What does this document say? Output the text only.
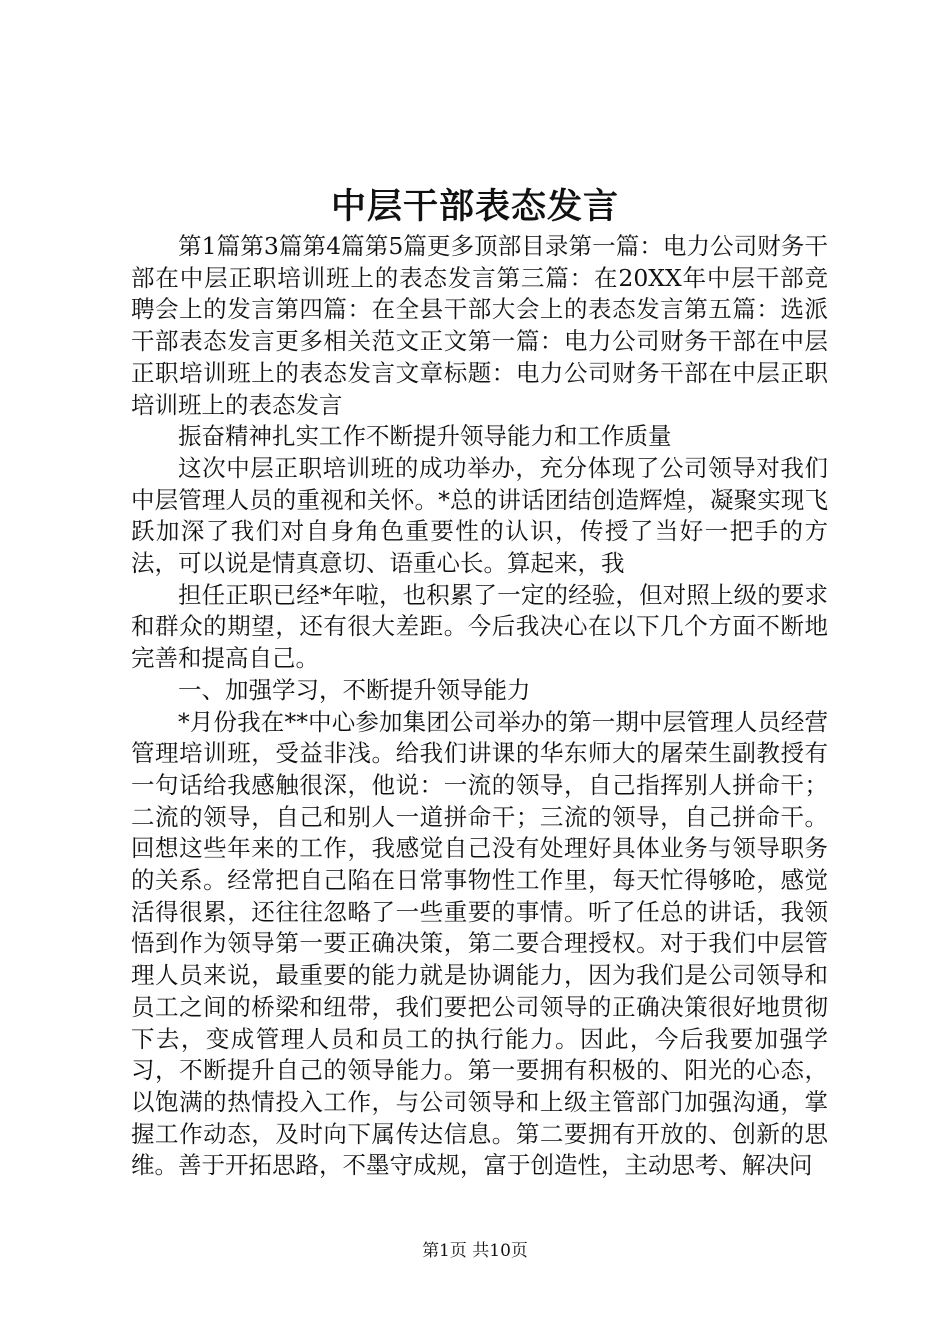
中层干部表态发言

第1篇第3篇第4篇第5篇更多顶部目录第一篇：电力公司财务干部在中层正职培训班上的表态发言第三篇：在20XX年中层干部竞聘会上的发言第四篇：在全县干部大会上的表态发言第五篇：选派干部表态发言更多相关范文正文第一篇：电力公司财务干部在中层正职培训班上的表态发言文章标题：电力公司财务干部在中层正职培训班上的表态发言

振奋精神扎实工作不断提升领导能力和工作质量

这次中层正职培训班的成功举办，充分体现了公司领导对我们中层管理人员的重视和关怀。*总的讲话团结创造辉煌，凝聚实现飞跃加深了我们对自身角色重要性的认识，传授了当好一把手的方法，可以说是情真意切、语重心长。算起来，我

担任正职已经*年啦，也积累了一定的经验，但对照上级的要求和群众的期望，还有很大差距。今后我决心在以下几个方面不断地完善和提高自己。

一、加强学习，不断提升领导能力

*月份我在**中心参加集团公司举办的第一期中层管理人员经营管理培训班，受益非浅。给我们讲课的华东师大的屠荣生副教授有一句话给我感触很深，他说：一流的领导，自己指挥别人拼命干；二流的领导，自己和别人一道拼命干；三流的领导，自己拼命干。回想这些年来的工作，我感觉自己没有处理好具体业务与领导职务的关系。经常把自己陷在日常事物性工作里，每天忙得够呛，感觉活得很累，还往往忽略了一些重要的事情。听了任总的讲话，我领悟到作为领导第一要正确决策，第二要合理授权。对于我们中层管理人员来说，最重要的能力就是协调能力，因为我们是公司领导和员工之间的桥梁和纽带，我们要把公司领导的正确决策很好地贯彻下去，变成管理人员和员工的执行能力。因此，今后我要加强学习，不断提升自己的领导能力。第一要拥有积极的、阳光的心态，以饱满的热情投入工作，与公司领导和上级主管部门加强沟通，掌握工作动态，及时向下属传达信息。第二要拥有开放的、创新的思维。善于开拓思路，不墨守成规，富于创造性，主动思考、解决问

第1页 共10页
